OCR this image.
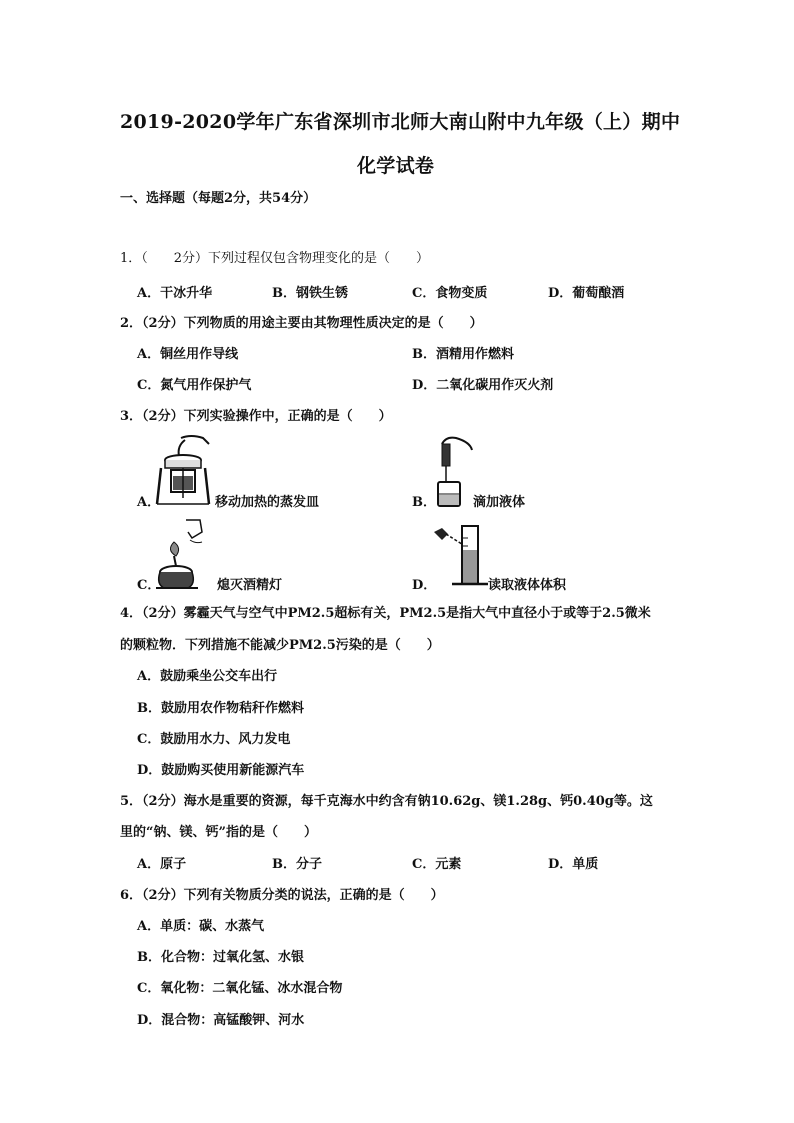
2019-2020学年广东省深圳市北师大南山附中九年级（上）期中
化学试卷
一、选择题（每题2分，共54分）
1．（　　2分）下列过程仅包含物理变化的是（　　）
A．干冰升华	B．钢铁生锈	C．食物变质	D．葡萄酿酒
2．（2分）下列物质的用途主要由其物理性质决定的是（　　）
A．铜丝用作导线	B．酒精用作燃料
C．氮气用作保护气	D．二氧化碳用作灭火剂
3．（2分）下列实验操作中，正确的是（　　）
A．	移动加热的蒸发皿	B．	滴加液体
C．	熄灭酒精灯	D．	读取液体体积
4．（2分）雾霾天气与空气中PM2.5超标有关，PM2.5是指大气中直径小于或等于2.5微米
的颗粒物．下列措施不能减少PM2.5污染的是（　　）
A．鼓励乘坐公交车出行
B．鼓励用农作物秸秆作燃料
C．鼓励用水力、风力发电
D．鼓励购买使用新能源汽车
5．（2分）海水是重要的资源，每千克海水中约含有钠10.62g、镁1.28g、钙0.40g等。这
里的“钠、镁、钙”指的是（　　）
A．原子	B．分子	C．元素	D．单质
6．（2分）下列有关物质分类的说法，正确的是（　　）
A．单质：碳、水蒸气
B．化合物：过氧化氢、水银
C．氧化物：二氧化锰、冰水混合物
D．混合物：高锰酸钾、河水
